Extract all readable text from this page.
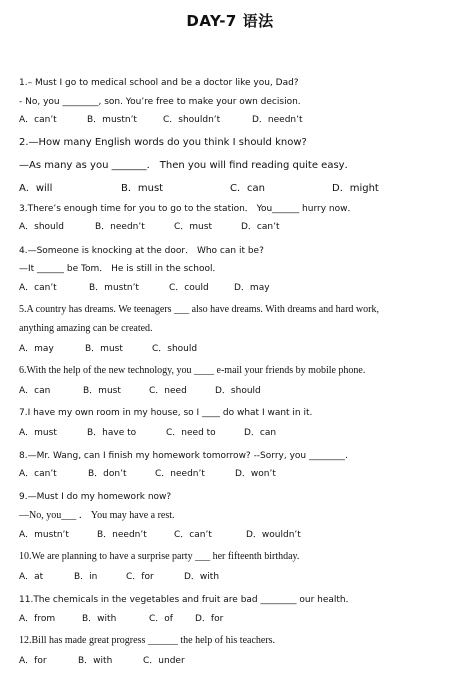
DAY-7 语法
1.– Must I go to medical school and be a doctor like you, Dad?
- No, you ________, son. You’re free to make your own decision.
A．can’t	B．mustn’t	C．shouldn’t	D．needn’t
2.—How many English words do you think I should know?
—As many as you _______． Then you will find reading quite easy．
A．will	B．must	C．can	D．might
3.There’s enough time for you to go to the station． You______ hurry now．
A．should	B．needn’t	C．must	D．can’t
4.—Someone is knocking at the door． Who can it be?
—It ______ be Tom． He is still in the school．
A．can’t	B．mustn’t	C．could	D．may
5.A country has dreams. We teenagers ___ also have dreams. With dreams and hard work,
anything amazing can be created.
A．may	B．must	C．should
6.With the help of the new technology, you ____ e-mail your friends by mobile phone.
A．can	B．must	C．need	D．should
7.I have my own room in my house, so I ____ do what I want in it.
A．must	B．have to	C．need to	D．can
8.—Mr. Wang, can I finish my homework tomorrow? --Sorry, you ________.
A．can’t	B．don’t	C．needn’t	D．won’t
9.—Must I do my homework now?
—No, you___ ． You may have a rest.
A．mustn’t	B．needn’t	C．can’t	D．wouldn’t
10.We are planning to have a surprise party ___ her fifteenth birthday.
A．at	B．in	C．for	D．with
11.The chemicals in the vegetables and fruit are bad ________ our health．
A．from	B．with	C．of D．for
12.Bill has made great progress ______ the help of his teachers.
A．for	B．with	C．under
